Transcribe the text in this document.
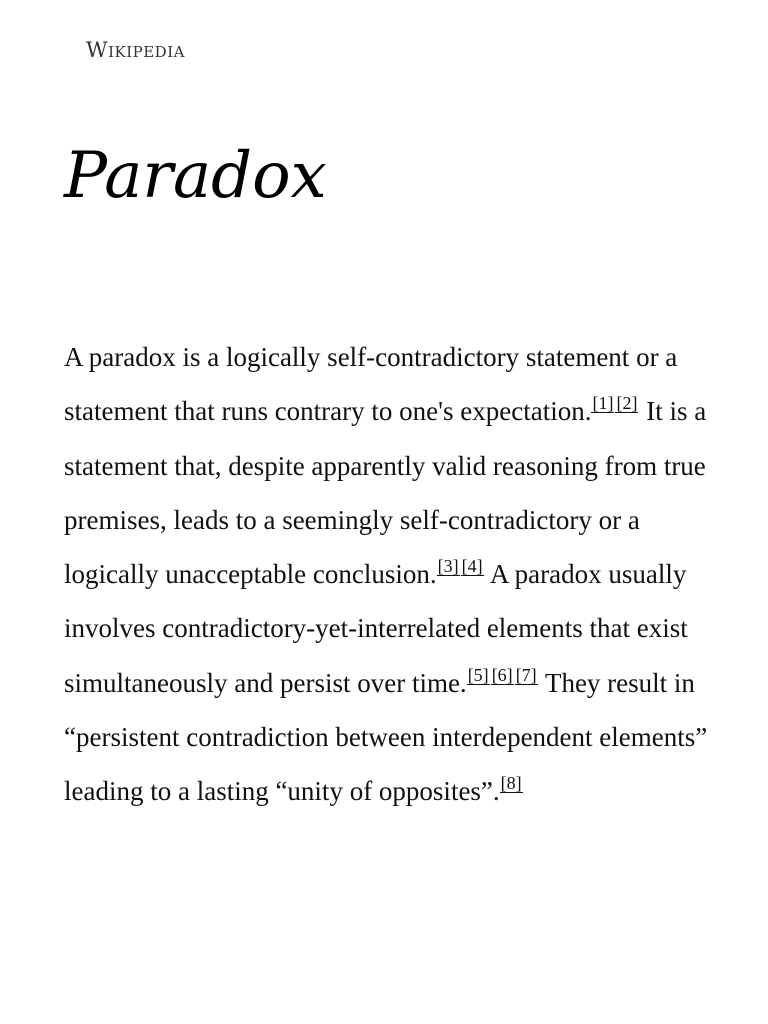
Wikipedia
Paradox

A paradox is a logically self-contradictory statement or a statement that runs contrary to one's expectation.[1] [2] It is a statement that, despite apparently valid reasoning from true premises, leads to a seemingly self-contradictory or a logically unacceptable conclusion.[3] [4] A paradox usually involves contradictory-yet-interrelated elements that exist simultaneously and persist over time.[5] [6] [7] They result in “persistent contradiction between interdependent elements” leading to a lasting “unity of opposites”.[8]
